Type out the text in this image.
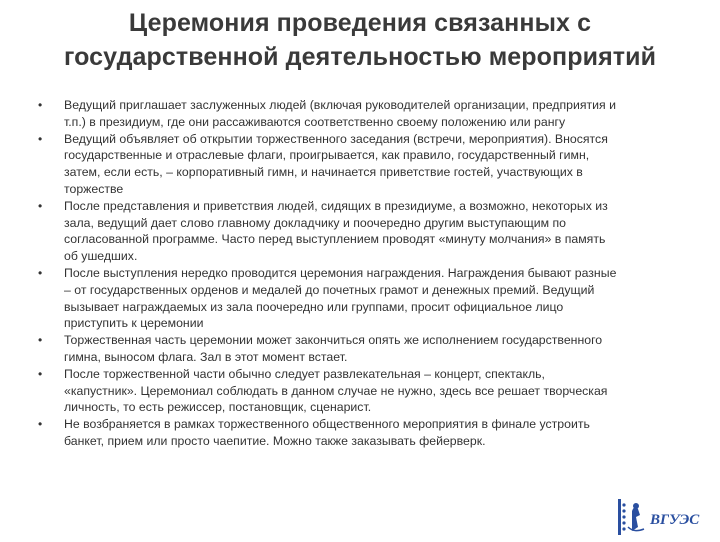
Церемония проведения связанных с
государственной деятельностью мероприятий
• Ведущий приглашает заслуженных людей (включая руководителей организации, предприятия и
т.п.) в президиум, где они рассаживаются соответственно своему положению или рангу
• Ведущий объявляет об открытии торжественного заседания (встречи, мероприятия). Вносятся
государственные и отраслевые флаги, проигрывается, как правило, государственный гимн,
затем, если есть, – корпоративный гимн, и начинается приветствие гостей, участвующих в
торжестве
• После представления и приветствия людей, сидящих в президиуме, а возможно, некоторых из
зала, ведущий дает слово главному докладчику и поочередно другим выступающим по
согласованной программе. Часто перед выступлением проводят «минуту молчания» в память
об ушедших.
• После выступления нередко проводится церемония награждения. Награждения бывают разные
– от государственных орденов и медалей до почетных грамот и денежных премий. Ведущий
вызывает награждаемых из зала поочередно или группами, просит официальное лицо
приступить к церемонии
• Торжественная часть церемонии может закончиться опять же исполнением государственного
гимна, выносом флага. Зал в этот момент встает.
• После торжественной части обычно следует развлекательная – концерт, спектакль,
«капустник». Церемониал соблюдать в данном случае не нужно, здесь все решает творческая
личность, то есть режиссер, постановщик, сценарист.
• Не возбраняется в рамках торжественного общественного мероприятия в финале устроить
банкет, прием или просто чаепитие. Можно также заказывать фейерверк.
ВГУЭС
